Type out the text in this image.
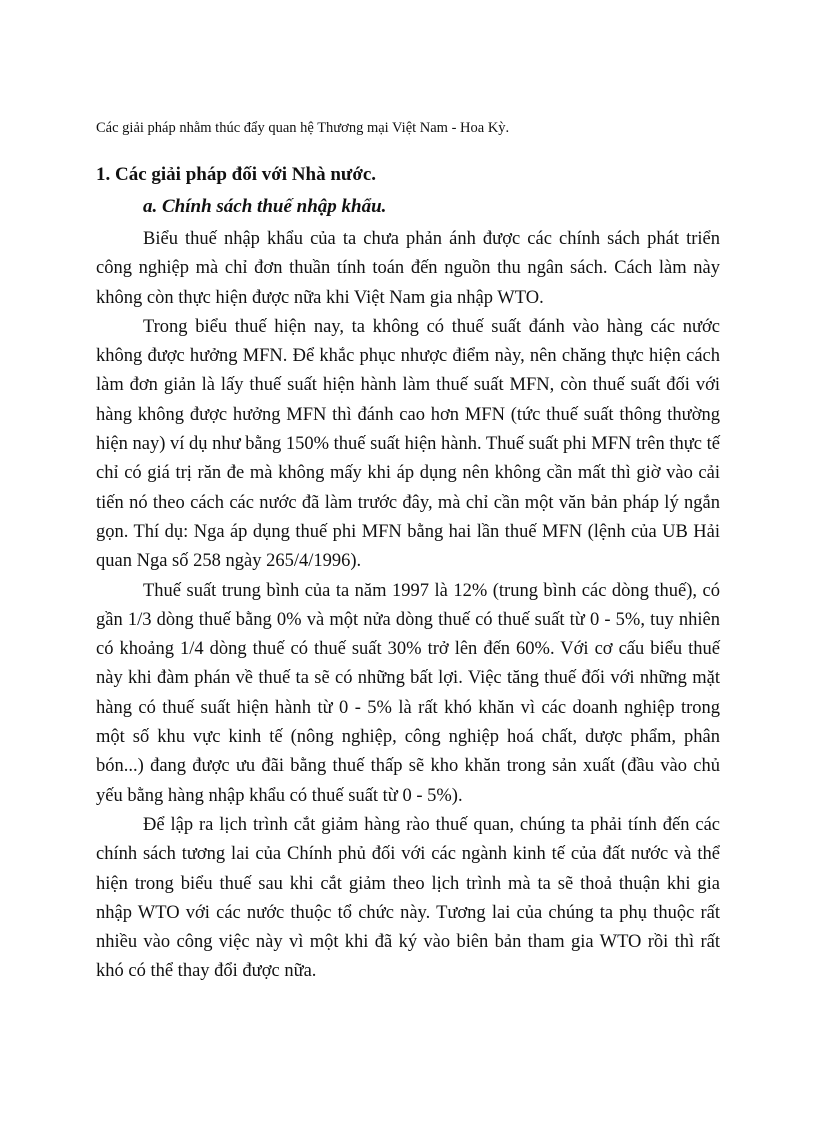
Các giải pháp nhằm thúc đẩy quan hệ Thương mại Việt Nam - Hoa Kỳ.
1. Các giải pháp đối với Nhà nước.
a. Chính sách thuế nhập khẩu.

Biểu thuế nhập khẩu của ta chưa phản ánh được các chính sách phát triển công nghiệp mà chỉ đơn thuần tính toán đến nguồn thu ngân sách. Cách làm này không còn thực hiện được nữa khi Việt Nam gia nhập WTO.

Trong biểu thuế hiện nay, ta không có thuế suất đánh vào hàng các nước không được hưởng MFN. Để khắc phục nhược điểm này, nên chăng thực hiện cách làm đơn giản là lấy thuế suất hiện hành làm thuế suất MFN, còn thuế suất đối với hàng không được hưởng MFN thì đánh cao hơn MFN (tức thuế suất thông thường hiện nay) ví dụ như bằng 150% thuế suất hiện hành. Thuế suất phi MFN trên thực tế chỉ có giá trị răn đe mà không mấy khi áp dụng nên không cần mất thì giờ vào cải tiến nó theo cách các nước đã làm trước đây, mà chỉ cần một văn bản pháp lý ngắn gọn. Thí dụ: Nga áp dụng thuế phi MFN bằng hai lần thuế MFN (lệnh của UB Hải quan Nga số 258 ngày 265/4/1996).

Thuế suất trung bình của ta năm 1997 là 12% (trung bình các dòng thuế), có gần 1/3 dòng thuế bằng 0% và một nửa dòng thuế có thuế suất từ 0 - 5%, tuy nhiên có khoảng 1/4 dòng thuế có thuế suất 30% trở lên đến 60%. Với cơ cấu biểu thuế này khi đàm phán về thuế ta sẽ có những bất lợi. Việc tăng thuế đối với những mặt hàng có thuế suất hiện hành từ 0 - 5% là rất khó khăn vì các doanh nghiệp trong một số khu vực kinh tế (nông nghiệp, công nghiệp hoá chất, dược phẩm, phân bón...) đang được ưu đãi bằng thuế thấp sẽ kho khăn trong sản xuất (đầu vào chủ yếu bằng hàng nhập khẩu có thuế suất từ 0 - 5%).

Để lập ra lịch trình cắt giảm hàng rào thuế quan, chúng ta phải tính đến các chính sách tương lai của Chính phủ đối với các ngành kinh tế của đất nước và thể hiện trong biểu thuế sau khi cắt giảm theo lịch trình mà ta sẽ thoả thuận khi gia nhập WTO với các nước thuộc tổ chức này. Tương lai của chúng ta phụ thuộc rất nhiều vào công việc này vì một khi đã ký vào biên bản tham gia WTO rồi thì rất khó có thể thay đổi được nữa.
